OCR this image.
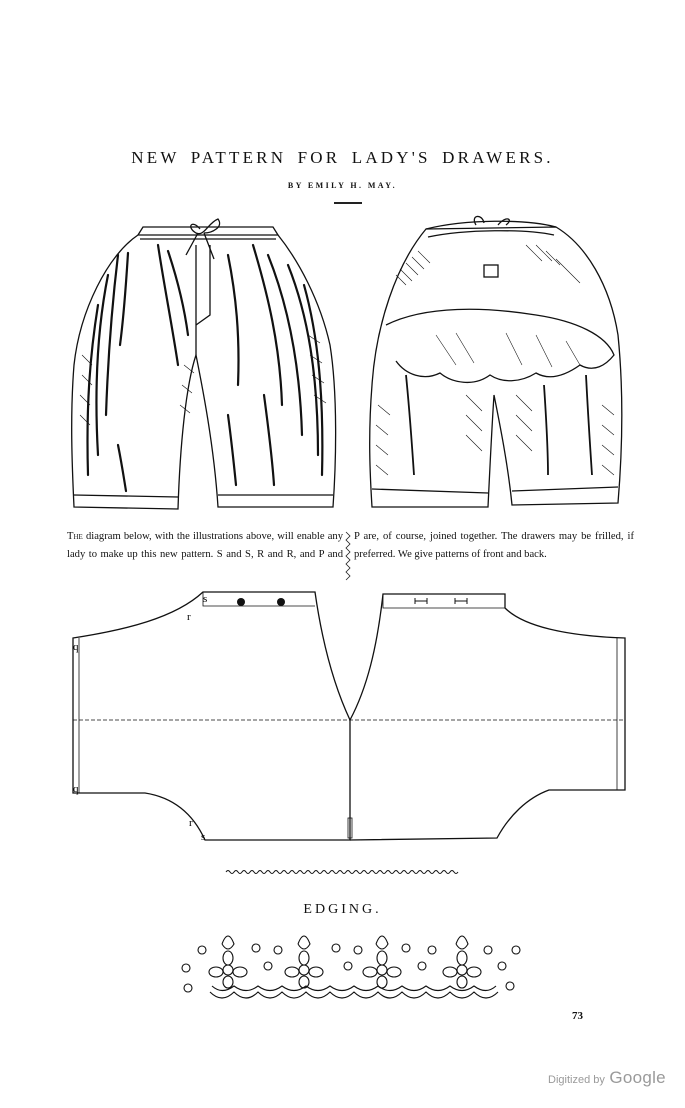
NEW PATTERN FOR LADY'S DRAWERS.
BY EMILY H. MAY.

The diagram below, with the illustrations above, will enable any lady to make up this new pattern. S and S, R and R, and P and

P are, of course, joined together. The drawers may be frilled, if preferred. We give patterns of front and back.

s
r
q
q
r
s
EDGING.
73
Digitized by Google
